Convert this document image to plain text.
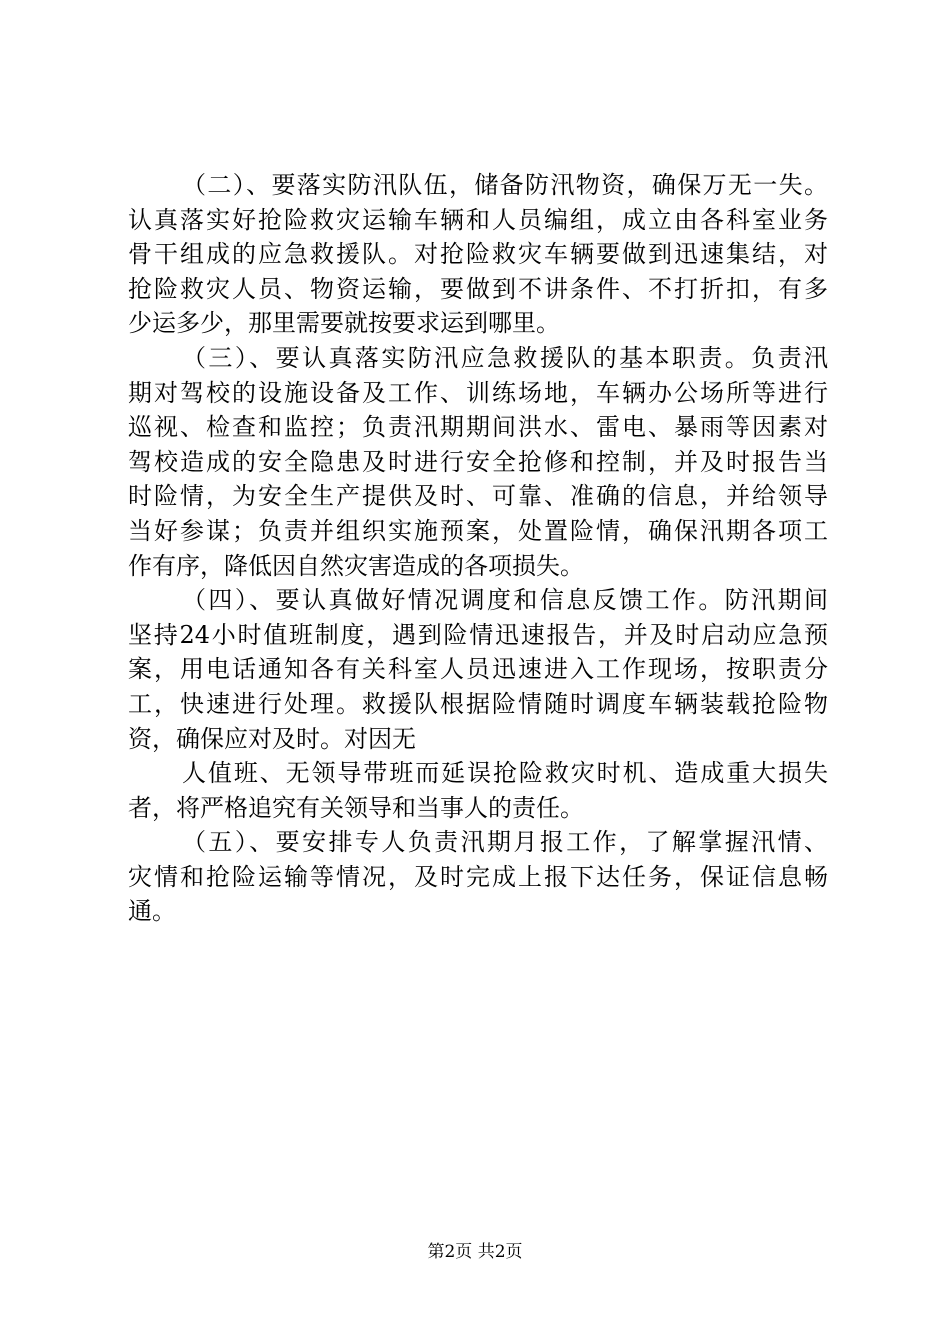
（二）、要落实防汛队伍，储备防汛物资，确保万无一失。
认真落实好抢险救灾运输车辆和人员编组，成立由各科室业务
骨干组成的应急救援队。对抢险救灾车辆要做到迅速集结，对
抢险救灾人员、物资运输，要做到不讲条件、不打折扣，有多
少运多少，那里需要就按要求运到哪里。
（三）、要认真落实防汛应急救援队的基本职责。负责汛
期对驾校的设施设备及工作、训练场地，车辆办公场所等进行
巡视、检查和监控；负责汛期期间洪水、雷电、暴雨等因素对
驾校造成的安全隐患及时进行安全抢修和控制，并及时报告当
时险情，为安全生产提供及时、可靠、准确的信息，并给领导
当好参谋；负责并组织实施预案，处置险情，确保汛期各项工
作有序，降低因自然灾害造成的各项损失。
（四）、要认真做好情况调度和信息反馈工作。防汛期间
坚持24小时值班制度，遇到险情迅速报告，并及时启动应急预
案，用电话通知各有关科室人员迅速进入工作现场，按职责分
工，快速进行处理。救援队根据险情随时调度车辆装载抢险物
资，确保应对及时。对因无
人值班、无领导带班而延误抢险救灾时机、造成重大损失
者，将严格追究有关领导和当事人的责任。
（五）、要安排专人负责汛期月报工作，了解掌握汛情、
灾情和抢险运输等情况，及时完成上报下达任务，保证信息畅
通。
第2页 共2页
